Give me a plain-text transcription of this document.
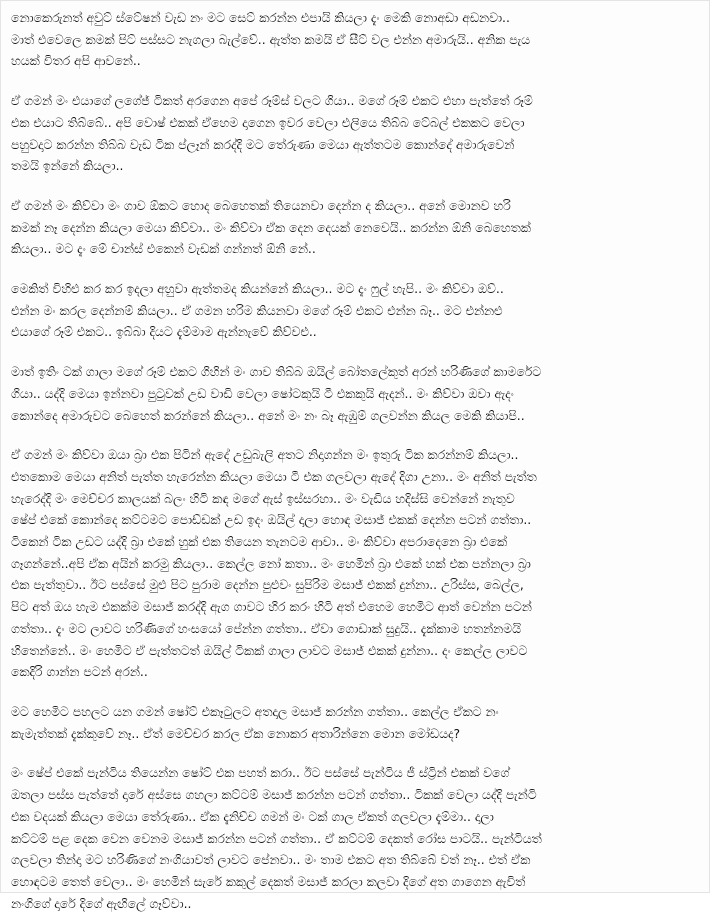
නොකෙරුනත් අවුට් ස්ටේෂන් වැඩ නං මට සෙට් කරන්න එපායි කියලා දැං මෙකි නොඅඩා අඩනවා..
මාත් එවෙලෙ කමක් පිට් පස්සට නැගලා බැල්වේ.. ඇත්ත කමයි ඒ සීට් වල එන්න අමාරුයි.. අනික පැය
හයක් විතර අපි ආවනේ..
ඒ ගමන් මං එයාගේ ලගේජ් ටිකත් අරගෙන අපේ රූම්ස් වලට ගියා.. මගේ රූම් එකට එහා පැත්තේ රූම්
එක එයාට තිබ්බේ.. අපි වොෂ් එකක් ඒහෙම දාගෙන ඉවර වෙලා එලියෙ තිබ්බ ටේබල් එකකට වෙලා
පහුවදාට කරන්න තිබ්බ වැඩ ටික ප්ලෑන් කරද්දි මට තේරුණා මෙයා ඇත්තටම කොන්දේ අමාරුවෙන්
තමයි ඉන්නේ කියලා..
ඒ ගමන් මං කිව්වා මං ගාව ඕකට හොද බෙහෙතක් තියෙනවා දෙන්න ද කියලා.. අනේ මොනව හරි
කමක් නෑ දෙන්න කියලා මෙයා කිව්වා.. මං කිව්වා ඒක දෙන දෙයක් නෙවෙයි.. කරන්න ඕනි බෙහෙතක්
කියලා.. මට දැං මේ චාන්ස් එකෙන් වැඩක් ගන්නත් ඕනි නේ..
මෙකිත් විහිළු කර කර ඉදලා අහුවා ඇත්තමද කියන්නේ කියලා.. මට දැං ෆුල් හැපි.. මං කිව්වා ඔව්..
එන්න මං කරල දෙන්නම් කියලා.. ඒ ගමන හරිම කියනවා මගේ රූම් එකට එන්න බෑ.. මට එන්නළු
එයාගේ රූම් එකට.. ඉබ්බා දියට දැම්මාම ඇන්නැවේ කිව්වළු..
මාත් ඉතිං ටක් ගාලා මගේ රූම් එකට ගිහින් මං ගාව තිබ්බ ඔයිල් බෝතලේකුත් අරන් හරිණිගේ කාමරේට
ගියා.. යද්දි මෙයා ඉන්නවා පුටුවක් උඩ වාඩි වෙලා ෂෝටකුයි ටී එකකුයි ඇදන්.. මං කිව්වා ඔවා ඇදං
කොන්දෙ අමාරුවට බෙහෙත් කරන්නේ කියලා.. අනේ මං නං බෑ ඇඹුම් ගලවන්න කියල මෙකි කියාපි..
ඒ ගමන් මං කිව්වා ඔයා බ්‍රා එක පිටින් ඇදේ උඩුබැලි අතට නිදාගන්න මං ඉතුරු ටික කරන්නම් කියලා..
එතකොම මෙයා අනිත් පැත්ත හැරෙන්න කියලා මෙයා ටී එක ගලවලා ඇදේ දිගා උනා.. මං අනිත් පැත්ත
හැරෙද්දි මං මෙච්චර කාලයක් බලං හිටි කඳ මගේ ඇස් ඉස්සරහා.. මං වැඩිය හදිස්සි වෙන්නේ නැතුව
ෂේප් එකේ කොන්දෙ කට්ටමට පොඩ්ඩක් උඩ ඉදං ඔයිල් දාලා හොඳ මසාජ් එකක් දෙන්න පටන් ගත්තා..
ටිකෙන් ටික උඩට යද්දි බ්‍රා එකේ හුක් එක තියෙන තැනටම ආවා.. මං කිව්වා අපරාදෙනෙ බ්‍රා එකේ
ගෑගන්නේ..අපි ඒක අයින් කරමු කියලා.. කෙල්ල නෝ කතා.. මං හෙමින් බ්‍රා එකේ හක් එක පන්නලා බ්‍රා
එක පැත්තුවා.. ඊට පස්සේ මුළු පිට පුරාම දෙන්න පුළුවං සුපිරිම මසාජ් එකක් දුන්නා.. උරිස්ස, බෙල්ල,
පිට අත් ඔය හැම එකක්ම මසාජ් කරද්දි ඇග ගාවට හිර කරං හිටි අත් එහෙම හෙමිට ආත් වෙන්න පටන්
ගත්තා.. දැං මට ලාවට හරිණිගේ හංසයෝ පේන්න ගත්තා.. ඒවා ගොඩාක් සුදුයි.. දැක්කාම හතන්නමයි
හිතෙන්නේ.. මං හෙමිට ඒ පැත්තටත් ඔයිල් ටිකක් ගාලා ලාවට මසාජ් එකක් දුන්නා.. දං කෙල්ල ලාවට
කෙදිරි ගාන්න පටන් අරන්..
මට හෙමිට පහලට යන ගමන් ෂෝට් එකෑටුලට අතදාල මසාජ් කරන්න ගත්තා.. කෙල්ල ඒකට නං
කැමැත්තක් දැක්කුවේ නෑ.. ඒත් මෙච්චර කරල ඒක නොකර අතාරින්නෙ මොන මෝඩයද?
මං ෂේප් එකේ පැන්ටිය තියෙන්න ෂෝට් එක පහත් කරා.. ඊට පස්සේ පැන්ටිය ජී ස්ට්‍රින් එකක් වගේ
ඔතලා පස්ස පැත්තේ දාරේ අස්සෙ ගහලා කට්ටම් මසාජ් කරන්න පටන් ගත්තා.. ටිකක් වෙලා යද්දි පැන්ටි
එක වදයක් කියලා මෙයා තේරුණා.. ඒක දැනිච්ච ගමන් මං ටක් ගාල ඒකත් ගලවලා දැම්මා.. දාලා
කට්ටම් පළ දෙක වෙන වෙනම මසාජ් කරන්න පටන් ගත්තා.. ඒ කට්ටම් දෙකත් රෝස පාටයි.. පැන්ටියත්
ගලවලා තින්දා මට හරිණිගේ නංගියාවත් ලාවට පේනවා.. මං තාම එකට අත තිබ්බේ වත් නෑ.. එත් ඒක
හොඳටම තෙත් වෙලා.. මං හෙමින් සැරේ කකුල් දෙකත් මසාජ් කරලා කලවා දිගේ අත ගාගෙන ඇවිත්
නංගිගේ දාරේ දිගේ ඇඟිලේ ගෑව්වා..
